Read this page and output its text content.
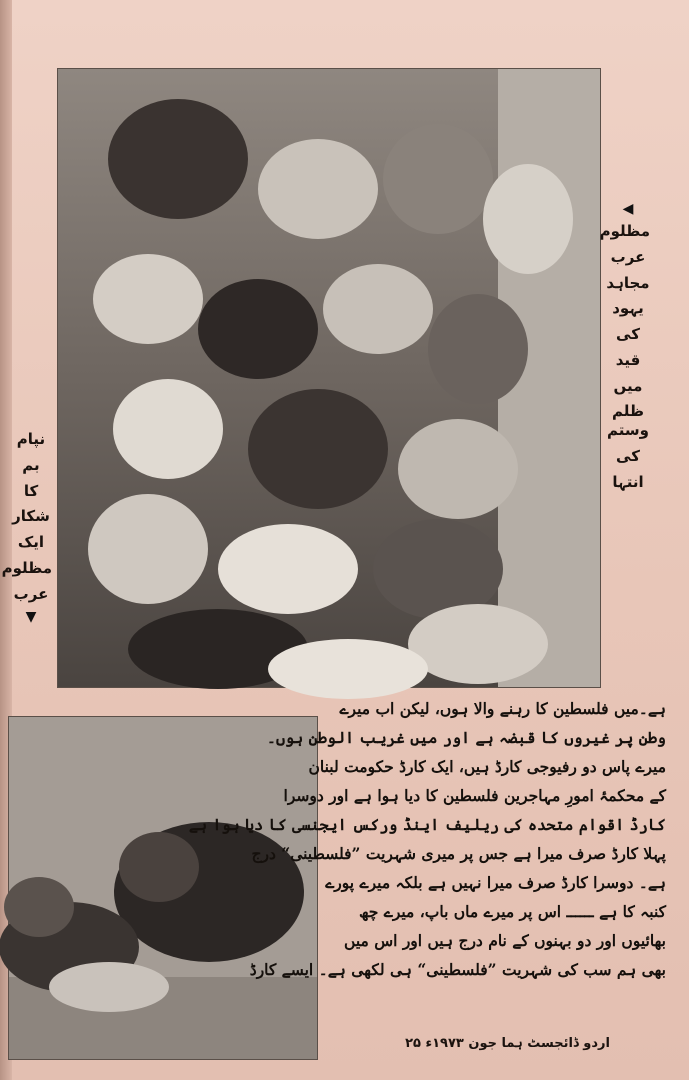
◀
مظلوم
عرب
مجاہد
یہود
کی
قید
میں
ظلم وستم
کی
انتہا
نپام
بم
کا
شکار
ایک
مظلوم
عرب
▼
ہے۔میں فلسطین کا رہنے والا ہوں، لیکن اب میرے
وطن پر غیروں کا قبضہ ہے اور میں غریب الوطن ہوں۔
میرے پاس دو رفیوجی کارڈ ہیں، ایک کارڈ حکومت لبنان
کے محکمۂ امورِ مہاجرین فلسطین کا دیا ہوا ہے اور دوسرا
کارڈ اقوام متحدہ کی ریلیف اینڈ ورکس ایجنسی کا دیا ہوا ہے
پہلا کارڈ صرف میرا ہے جس پر میری شہریت ”فلسطینی“ درج
ہے۔ دوسرا کارڈ صرف میرا نہیں ہے بلکہ میرے پورے
کنبہ کا ہے ــــــ اس پر میرے ماں باپ، میرے چھ
بھائیوں اور دو بہنوں کے نام درج ہیں اور اس میں
بھی ہم سب کی شہریت ”فلسطینی“ ہی لکھی ہے۔ ایسے کارڈ
اردو ڈائجسٹ ہما جون ۱۹۷۳ء ۲۵
